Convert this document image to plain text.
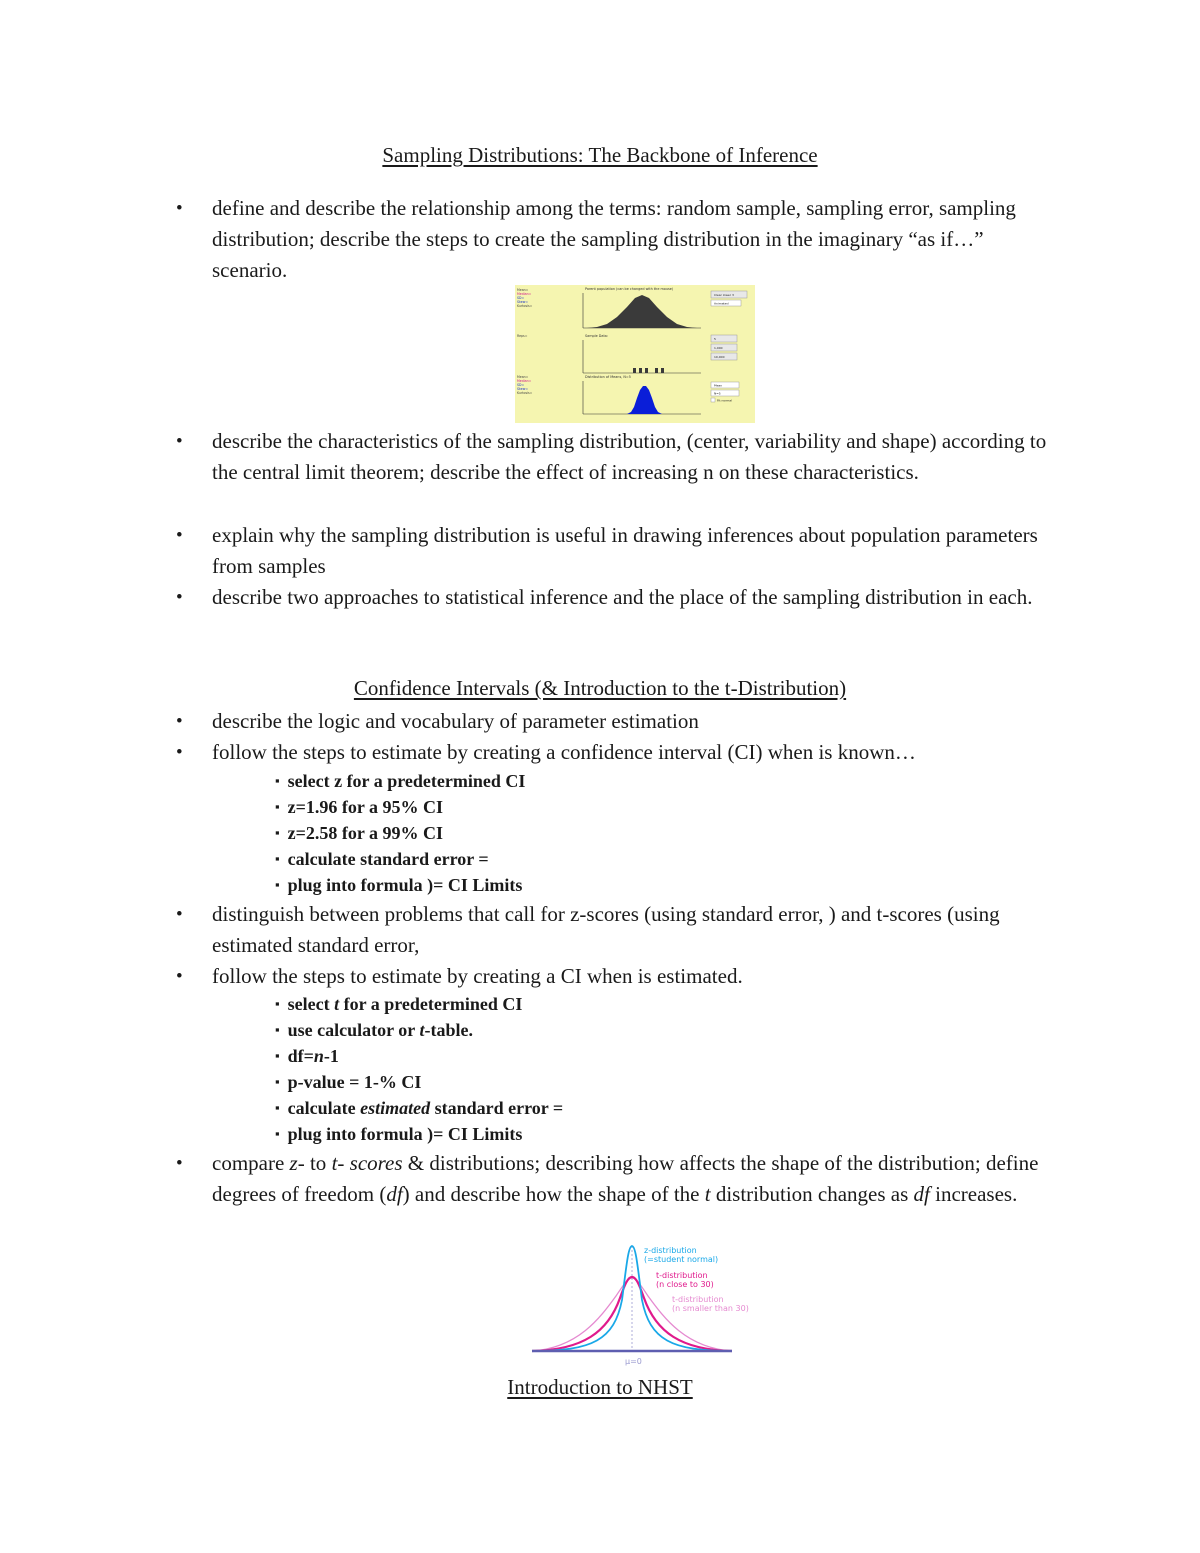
Sampling Distributions: The Backbone of Inference
• define and describe the relationship among the terms: random sample, sampling error, sampling distribution; describe the steps to create the sampling distribution in the imaginary “as if…” scenario.
Mean=
Median=
SD=
Skew=
Kurtosis=
Reps=
Mean=
Median=
SD=
Skew=
Kurtosis=
Parent population (can be changed with the mouse)
Sample Data:
Distribution of Means, N=5
Clear lower 3
Animated
5
1,000
10,000
Mean
N=5
Fit normal
• describe the characteristics of the sampling distribution, (center, variability and shape) according to the central limit theorem; describe the effect of increasing n on these characteristics.
• explain why the sampling distribution is useful in drawing inferences about population parameters from samples
• describe two approaches to statistical inference and the place of the sampling distribution in each.
Confidence Intervals (& Introduction to the t-Distribution)
• describe the logic and vocabulary of parameter estimation
• follow the steps to estimate by creating a confidence interval (CI) when is known…
▪ select z for a predetermined CI
▪ z=1.96 for a 95% CI
▪ z=2.58 for a 99% CI
▪ calculate standard error =
▪ plug into formula )= CI Limits
• distinguish between problems that call for z-scores (using standard error, ) and t-scores (using estimated standard error,
• follow the steps to estimate by creating a CI when is estimated.
▪ select t for a predetermined CI
▪ use calculator or t-table.
▪ df=n-1
▪ p-value = 1-% CI
▪ calculate estimated standard error =
▪ plug into formula )= CI Limits
• compare z- to t- scores & distributions; describing how affects the shape of the distribution; define degrees of freedom (df) and describe how the shape of the t distribution changes as df increases.
z-distribution
(=student normal)
t-distribution
(n close to 30)
t-distribution
(n smaller than 30)
μ=0
Introduction to NHST
